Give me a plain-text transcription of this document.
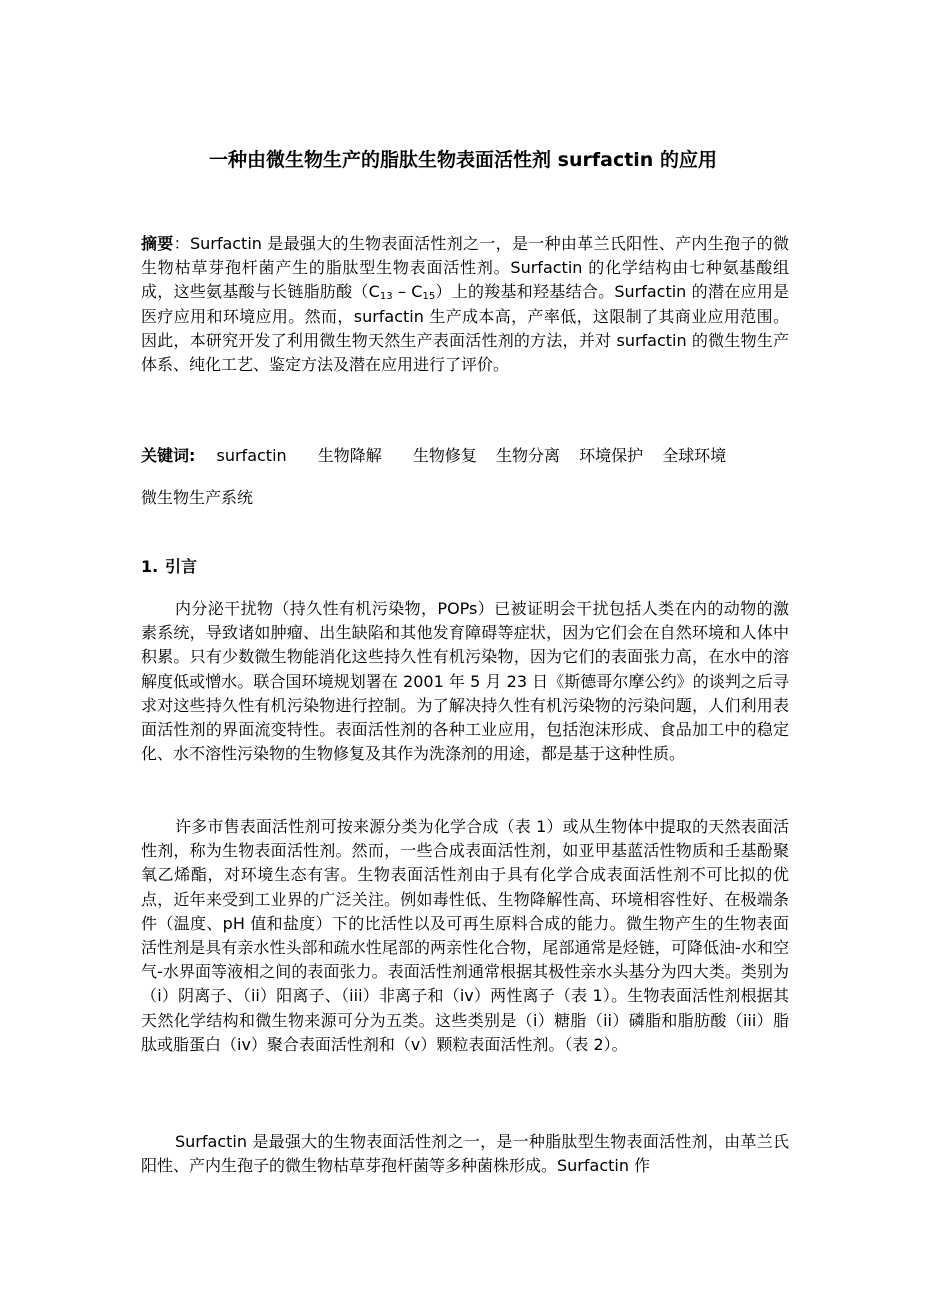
一种由微生物生产的脂肽生物表面活性剂 surfactin 的应用
摘要：Surfactin 是最强大的生物表面活性剂之一，是一种由革兰氏阳性、产内生孢子的微生物枯草芽孢杆菌产生的脂肽型生物表面活性剂。Surfactin 的化学结构由七种氨基酸组成，这些氨基酸与长链脂肪酸$(C_{13} - C_{15})$上的羧基和羟基结合。Surfactin 的潜在应用是医疗应用和环境应用。然而，surfactin 生产成本高，产率低，这限制了其商业应用范围。因此，本研究开发了利用微生物天然生产表面活性剂的方法，并对 surfactin 的微生物生产体系、纯化工艺、鉴定方法及潜在应用进行了评价。
关键词: surfactin 生物降解 生物修复 生物分离 环境保护 全球环境
微生物生产系统
1. 引言

内分泌干扰物（持久性有机污染物，POPs）已被证明会干扰包括人类在内的动物的激素系统，导致诸如肿瘤、出生缺陷和其他发育障碍等症状，因为它们会在自然环境和人体中积累。只有少数微生物能消化这些持久性有机污染物，因为它们的表面张力高，在水中的溶解度低或憎水。联合国环境规划署在 2001 年 5 月 23 日《斯德哥尔摩公约》的谈判之后寻求对这些持久性有机污染物进行控制。为了解决持久性有机污染物的污染问题，人们利用表面活性剂的界面流变特性。表面活性剂的各种工业应用，包括泡沫形成、食品加工中的稳定化、水不溶性污染物的生物修复及其作为洗涤剂的用途，都是基于这种性质。

许多市售表面活性剂可按来源分类为化学合成（表 1）或从生物体中提取的天然表面活性剂，称为生物表面活性剂。然而，一些合成表面活性剂，如亚甲基蓝活性物质和壬基酚聚氧乙烯酯，对环境生态有害。生物表面活性剂由于具有化学合成表面活性剂不可比拟的优点，近年来受到工业界的广泛关注。例如毒性低、生物降解性高、环境相容性好、在极端条件（温度、pH 值和盐度）下的比活性以及可再生原料合成的能力。微生物产生的生物表面活性剂是具有亲水性头部和疏水性尾部的两亲性化合物，尾部通常是烃链，可降低油-水和空气-水界面等液相之间的表面张力。表面活性剂通常根据其极性亲水头基分为四大类。类别为（i）阴离子、（ii）阳离子、（iii）非离子和（iv）两性离子（表 1）。生物表面活性剂根据其天然化学结构和微生物来源可分为五类。这些类别是（i）糖脂（ii）磷脂和脂肪酸（iii）脂肽或脂蛋白（iv）聚合表面活性剂和（v）颗粒表面活性剂。（表 2）。

Surfactin 是最强大的生物表面活性剂之一，是一种脂肽型生物表面活性剂，由革兰氏阳性、产内生孢子的微生物枯草芽孢杆菌等多种菌株形成。Surfactin 作
